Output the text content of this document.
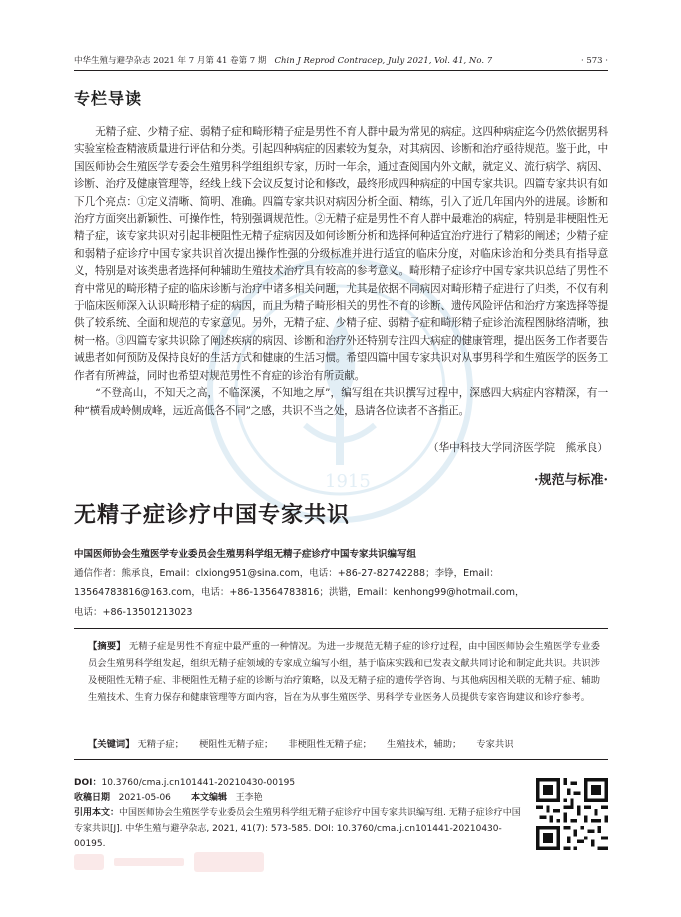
中华生殖与避孕杂志 2021 年 7 月第 41 卷第 7 期 Chin J Reprod Contracep, July 2021, Vol. 41, No. 7	· 573 ·
专栏导读
1915

无精子症、少精子症、弱精子症和畸形精子症是男性不育人群中最为常见的病症。这四种病症迄今仍然依据男科实验室检查精液质量进行评估和分类。引起四种病症的因素较为复杂，对其病因、诊断和治疗亟待规范。鉴于此，中国医师协会生殖医学专委会生殖男科学组组织专家，历时一年余，通过查阅国内外文献，就定义、流行病学、病因、诊断、治疗及健康管理等，经线上线下会议反复讨论和修改，最终形成四种病症的中国专家共识。四篇专家共识有如下几个亮点：①定义清晰、简明、准确。四篇专家共识对病因分析全面、精练，引入了近几年国内外的进展。诊断和治疗方面突出新颖性、可操作性，特别强调规范性。②无精子症是男性不育人群中最难治的病症，特别是非梗阻性无精子症，该专家共识对引起非梗阻性无精子症病因及如何诊断分析和选择何种适宜治疗进行了精彩的阐述；少精子症和弱精子症诊疗中国专家共识首次提出操作性强的分级标准并进行适宜的临床分度，对临床诊治和分类具有指导意义，特别是对该类患者选择何种辅助生殖技术治疗具有较高的参考意义。畸形精子症诊疗中国专家共识总结了男性不育中常见的畸形精子症的临床诊断与治疗中诸多相关问题，尤其是依据不同病因对畸形精子症进行了归类，不仅有利于临床医师深入认识畸形精子症的病因，而且为精子畸形相关的男性不育的诊断、遗传风险评估和治疗方案选择等提供了较系统、全面和规范的专家意见。另外，无精子症、少精子症、弱精子症和畸形精子症诊治流程图脉络清晰，独树一格。③四篇专家共识除了阐述疾病的病因、诊断和治疗外还特别专注四大病症的健康管理，提出医务工作者要告诫患者如何预防及保持良好的生活方式和健康的生活习惯。希望四篇中国专家共识对从事男科学和生殖医学的医务工作者有所裨益，同时也希望对规范男性不育症的诊治有所贡献。

“不登高山，不知天之高，不临深溪，不知地之厚”，编写组在共识撰写过程中，深感四大病症内容精深，有一种“横看成岭侧成峰，远近高低各不同”之感，共识不当之处，恳请各位读者不吝指正。

（华中科技大学同济医学院　熊承良）
·规范与标准·
无精子症诊疗中国专家共识
中国医师协会生殖医学专业委员会生殖男科学组无精子症诊疗中国专家共识编写组
通信作者：熊承良，Email：clxiong951@sina.com，电话：+86-27-82742288；李铮，Email：
13564783816@163.com，电话：+86-13564783816；洪锴，Email：kenhong99@hotmail.com，
电话：+86-13501213023
【摘要】 无精子症是男性不育症中最严重的一种情况。为进一步规范无精子症的诊疗过程，由中国医师协会生殖医学专业委员会生殖男科学组发起，组织无精子症领域的专家成立编写小组，基于临床实践和已发表文献共同讨论和制定此共识。共识涉及梗阻性无精子症、非梗阻性无精子症的诊断与治疗策略，以及无精子症的遗传学咨询、与其他病因相关联的无精子症、辅助生殖技术、生育力保存和健康管理等方面内容，旨在为从事生殖医学、男科学专业医务人员提供专家咨询建议和诊疗参考。
【关键词】 无精子症； 梗阻性无精子症； 非梗阻性无精子症； 生殖技术，辅助； 专家共识
DOI：10.3760/cma.j.cn101441-20210430-00195
收稿日期 2021-05-06 本文编辑 王李艳
引用本文：中国医师协会生殖医学专业委员会生殖男科学组无精子症诊疗中国专家共识编写组. 无精子症诊疗中国专家共识[J]. 中华生殖与避孕杂志, 2021, 41(7): 573-585. DOI: 10.3760/cma.j.cn101441-20210430-00195.
